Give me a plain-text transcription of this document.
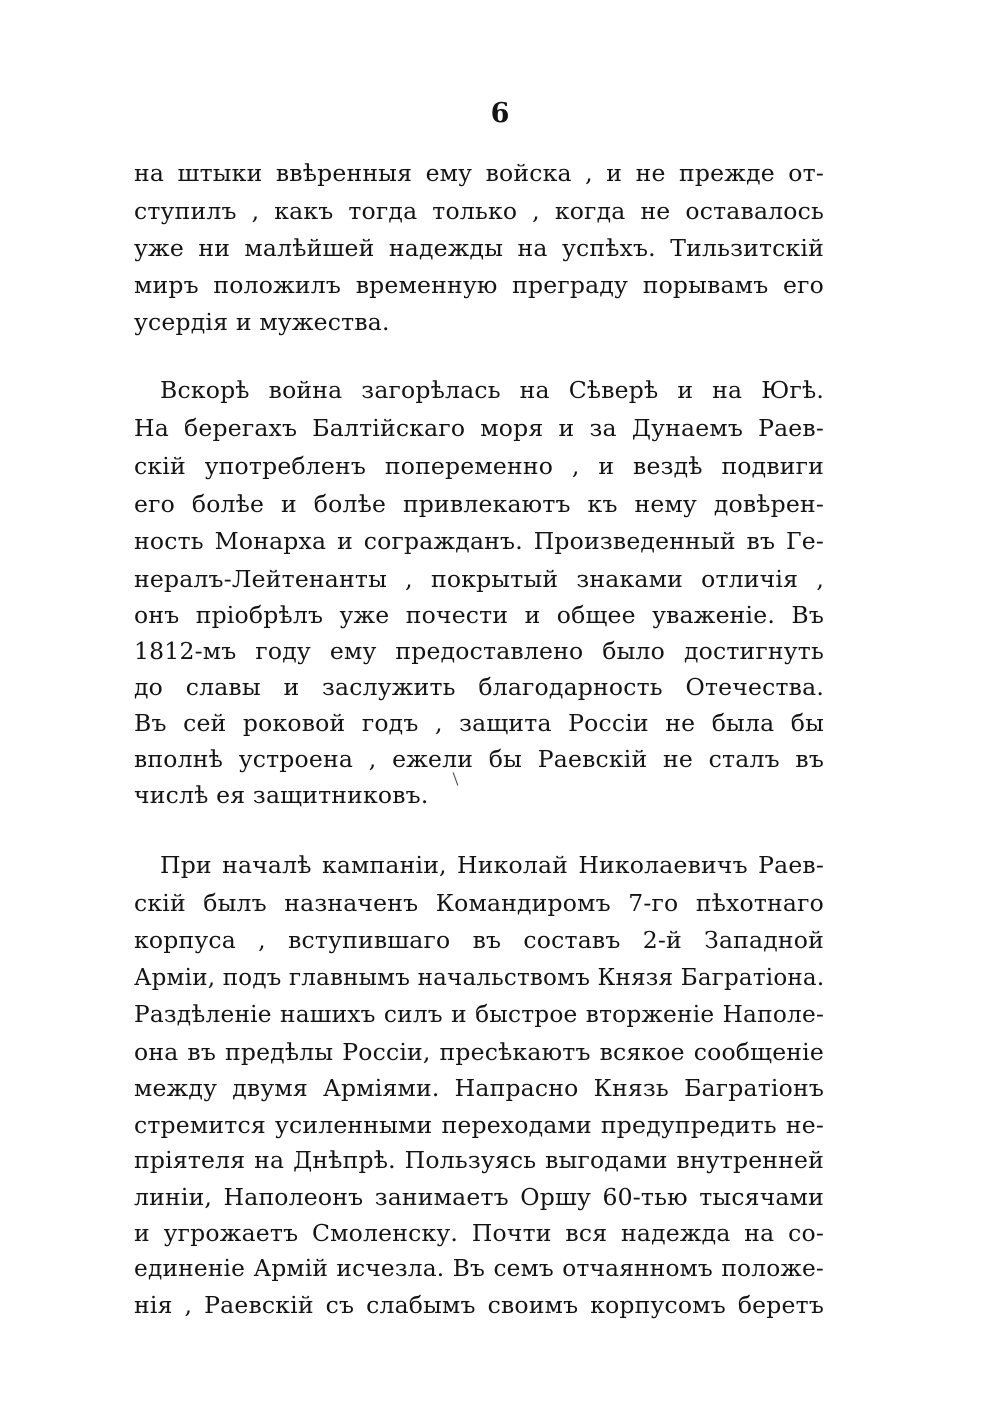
6
на штыки ввѣренныя ему войска , и не прежде от-
ступилъ , какъ тогда только , когда не оставалось
уже ни малѣйшей надежды на успѣхъ. Тильзитскій
миръ положилъ временную преграду порывамъ его
усердія и мужества.
Вскорѣ война загорѣлась на Сѣверѣ и на Югѣ.
На берегахъ Балтійскаго моря и за Дунаемъ Раев-
скій употребленъ попеременно , и вездѣ подвиги
его болѣе и болѣе привлекаютъ къ нему довѣрен-
ность Монарха и согражданъ. Произведенный въ Ге-
нералъ-Лейтенанты , покрытый знаками отличія ,
онъ пріобрѣлъ уже почести и общее уваженіе. Въ
1812-мъ году ему предоставлено было достигнуть
до славы и заслужить благодарность Отечества.
Въ сей роковой годъ , защита Россіи не была бы
вполнѣ устроена , ежели бы Раевскій не сталъ въ
числѣ ея защитниковъ.
При началѣ кампаніи, Николай Николаевичъ Раев-
скій былъ назначенъ Командиромъ 7-го пѣхотнаго
корпуса , вступившаго въ составъ 2-й Западной
Арміи, подъ главнымъ начальствомъ Князя Багратіона.
Раздѣленіе нашихъ силъ и быстрое вторженіе Наполе-
она въ предѣлы Россіи, пресѣкаютъ всякое сообщеніе
между двумя Арміями. Напрасно Князь Багратіонъ
стремится усиленными переходами предупредить не-
пріятеля на Днѣпрѣ. Пользуясь выгодами внутренней
линіи, Наполеонъ занимаетъ Оршу 60-тью тысячами
и угрожаетъ Смоленску. Почти вся надежда на со-
единеніе Армій исчезла. Въ семъ отчаянномъ положе-
нія , Раевскій съ слабымъ своимъ корпусомъ беретъ
